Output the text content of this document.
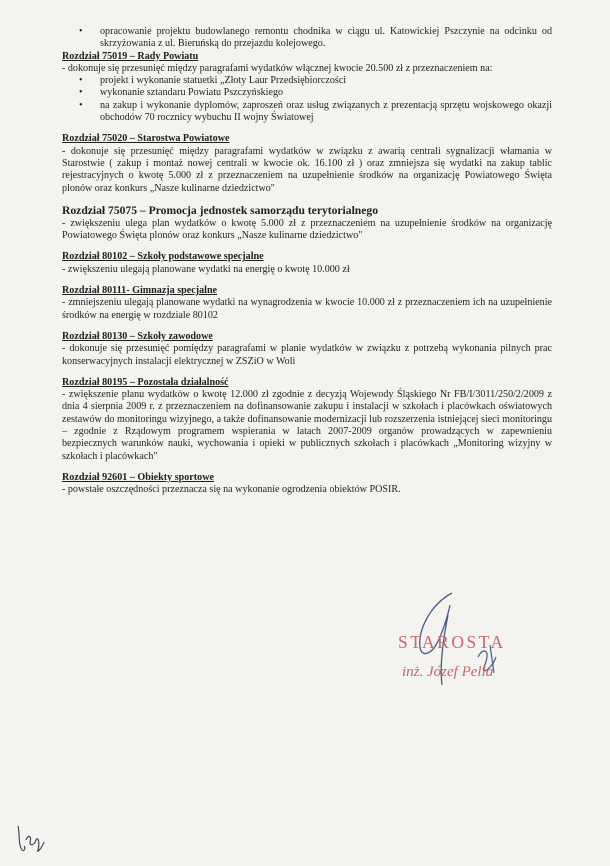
• opracowanie projektu budowlanego remontu chodnika w ciągu ul. Katowickiej Pszczynie na odcinku od skrzyżowania z ul. Bieruńską do przejazdu kolejowego.
Rozdział 75019 – Rady Powiatu
- dokonuje się przesunięć między paragrafami wydatków włącznej kwocie 20.500 zł z przeznaczeniem na:
• projekt i wykonanie statuetki „Złoty Laur Przedsiębiorczości
• wykonanie sztandaru Powiatu Pszczyńskiego
• na zakup i wykonanie dyplomów, zaproszeń oraz usług związanych z prezentacją sprzętu wojskowego okazji obchodów 70 rocznicy wybuchu II wojny Światowej
Rozdział 75020 – Starostwa Powiatowe
- dokonuje się przesunięć między paragrafami wydatków w związku z awarią centrali sygnalizacji włamania w Starostwie ( zakup i montaż nowej centrali w kwocie ok. 16.100 zł ) oraz zmniejsza się wydatki na zakup tablic rejestracyjnych o kwotę 5.000 zł z przeznaczeniem na uzupełnienie środków na organizację Powiatowego Święta plonów oraz konkurs „Nasze kulinarne dziedzictwo"
Rozdział 75075 – Promocja jednostek samorządu terytorialnego
- zwiększeniu ulega plan wydatków o kwotę 5.000 zł z przeznaczeniem na uzupełnienie środków na organizację Powiatowego Święta plonów oraz konkurs „Nasze kulinarne dziedzictwo"
Rozdział 80102 – Szkoły podstawowe specjalne
- zwiększeniu ulegają planowane wydatki na energię o kwotę 10.000 zł
Rozdział 80111- Gimnazja specjalne
- zmniejszeniu ulegają planowane wydatki na wynagrodzenia w kwocie 10.000 zł z przeznaczeniem ich na uzupełnienie środków na energię w rozdziale 80102
Rozdział 80130 – Szkoły zawodowe
- dokonuje się przesunięć pomiędzy paragrafami w planie wydatków w związku z potrzebą wykonania pilnych prac konserwacyjnych instalacji elektrycznej w ZSZiO w Woli
Rozdział 80195 – Pozostała działalność
- zwiększenie planu wydatków o kwotę 12.000 zł zgodnie z decyzją Wojewody Śląskiego Nr FB/I/3011/250/2/2009 z dnia 4 sierpnia 2009 r. z przeznaczeniem na dofinansowanie zakupu i instalacji w szkołach i placówkach oświatowych zestawów do monitoringu wizyjnego, a także dofinansowanie modernizacji lub rozszerzenia istniejącej sieci monitoringu – zgodnie z Rządowym programem wspierania w latach 2007-2009 organów prowadzących w zapewnieniu bezpiecznych warunków nauki, wychowania i opieki w publicznych szkołach i placówkach „Monitoring wizyjny w szkołach i placówkach"
Rozdział 92601 – Obiekty sportowe
- powstałe oszczędności przeznacza się na wykonanie ogrodzenia obiektów POSIR.
STAROSTA
inż. Józef Pella
